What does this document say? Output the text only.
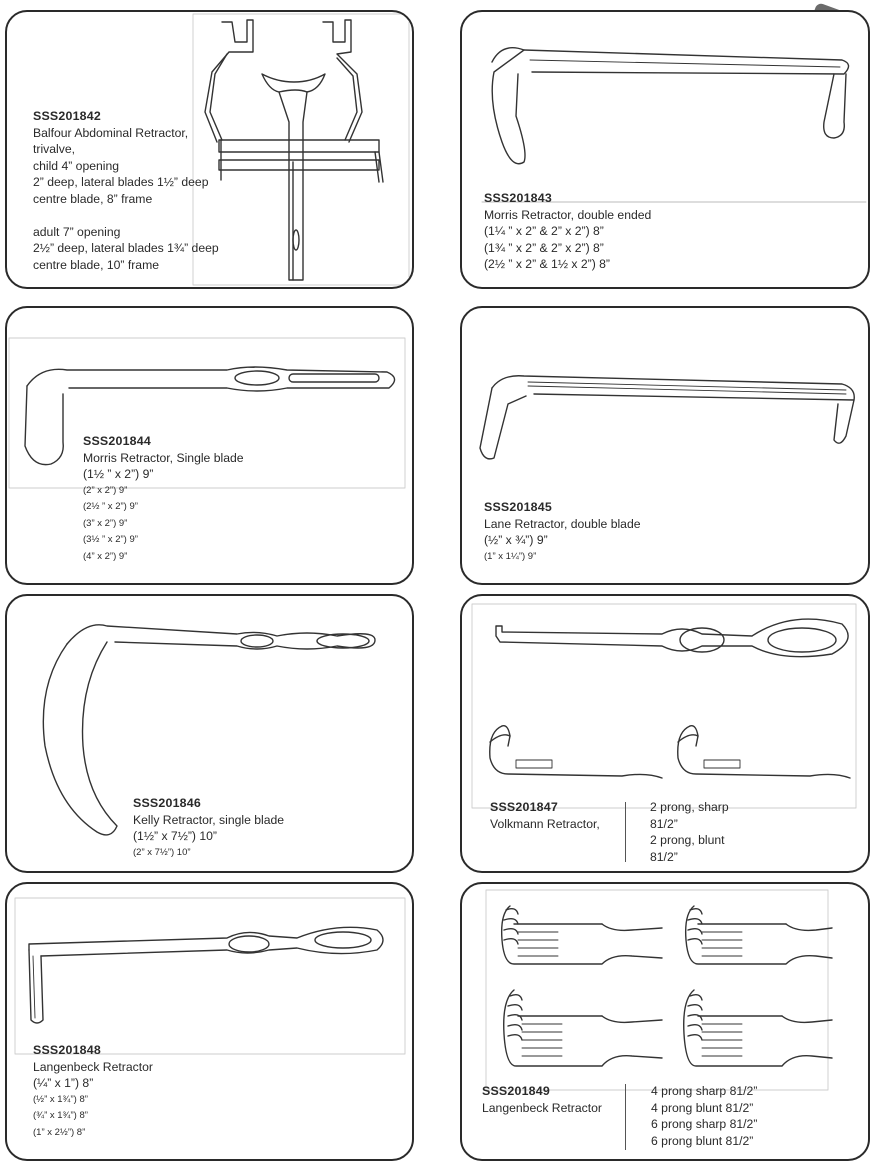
SSS201842
Balfour Abdominal Retractor,
trivalve,
child 4” opening
2” deep, lateral blades 1½” deep
centre blade, 8” frame

adult 7” opening
2½” deep, lateral blades 1¾” deep
centre blade, 10” frame
SSS201843
Morris Retractor, double ended
(1¼ ” x 2” & 2” x 2”) 8”
(1¾ ” x 2” & 2” x 2”) 8”
(2½ ” x 2” & 1½ x 2”) 8”
SSS201844
Morris Retractor, Single blade
(1½ ” x 2”) 9”
(2” x 2”) 9”
(2½ ” x 2”) 9”
(3” x 2”) 9”
(3½ ” x 2”) 9”
(4” x 2”) 9”
SSS201845
Lane Retractor, double blade
(½” x ¾”) 9”
(1” x 1¼”) 9”
SSS201846
Kelly Retractor, single blade
(1½” x 7½”) 10”
(2” x 7½”) 10”
SSS201847
Volkmann Retractor,
2 prong, sharp
81/2”
2 prong, blunt
81/2”
SSS201848
Langenbeck Retractor
(¼” x 1”) 8”
(½” x 1¾”) 8”
(¾” x 1¾”) 8”
(1” x 2½”) 8”
SSS201849
Langenbeck Retractor
4 prong sharp 81/2”
4 prong blunt 81/2”
6 prong sharp 81/2”
6 prong blunt 81/2”
